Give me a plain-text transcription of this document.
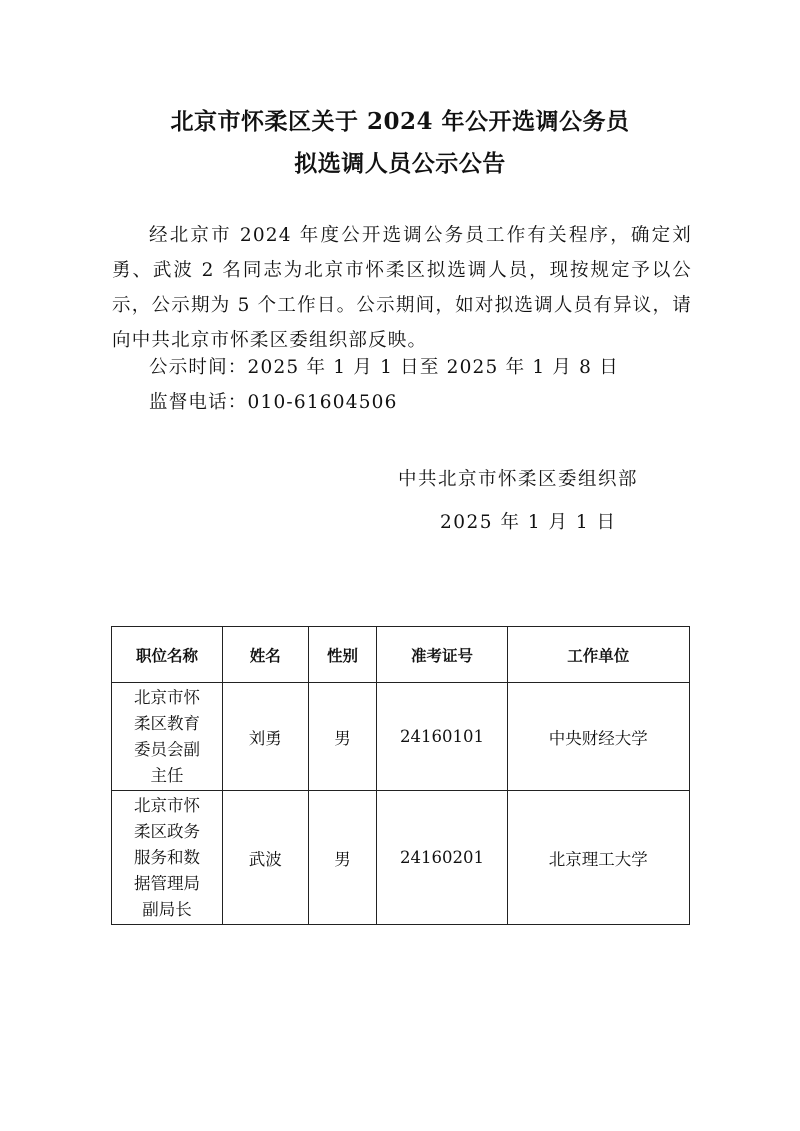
北京市怀柔区关于 2024 年公开选调公务员
拟选调人员公示公告

经北京市 2024 年度公开选调公务员工作有关程序，确定刘勇、武波 2 名同志为北京市怀柔区拟选调人员，现按规定予以公示，公示期为 5 个工作日。公示期间，如对拟选调人员有异议，请向中共北京市怀柔区委组织部反映。

公示时间：2025 年 1 月 1 日至 2025 年 1 月 8 日
监督电话：010-61604506
中共北京市怀柔区委组织部
2025 年 1 月 1 日
职位名称	姓名	性别	准考证号	工作单位
北京市怀柔区教育委员会副主任	刘勇	男	24160101	中央财经大学
北京市怀柔区政务服务和数据管理局副局长	武波	男	24160201	北京理工大学
